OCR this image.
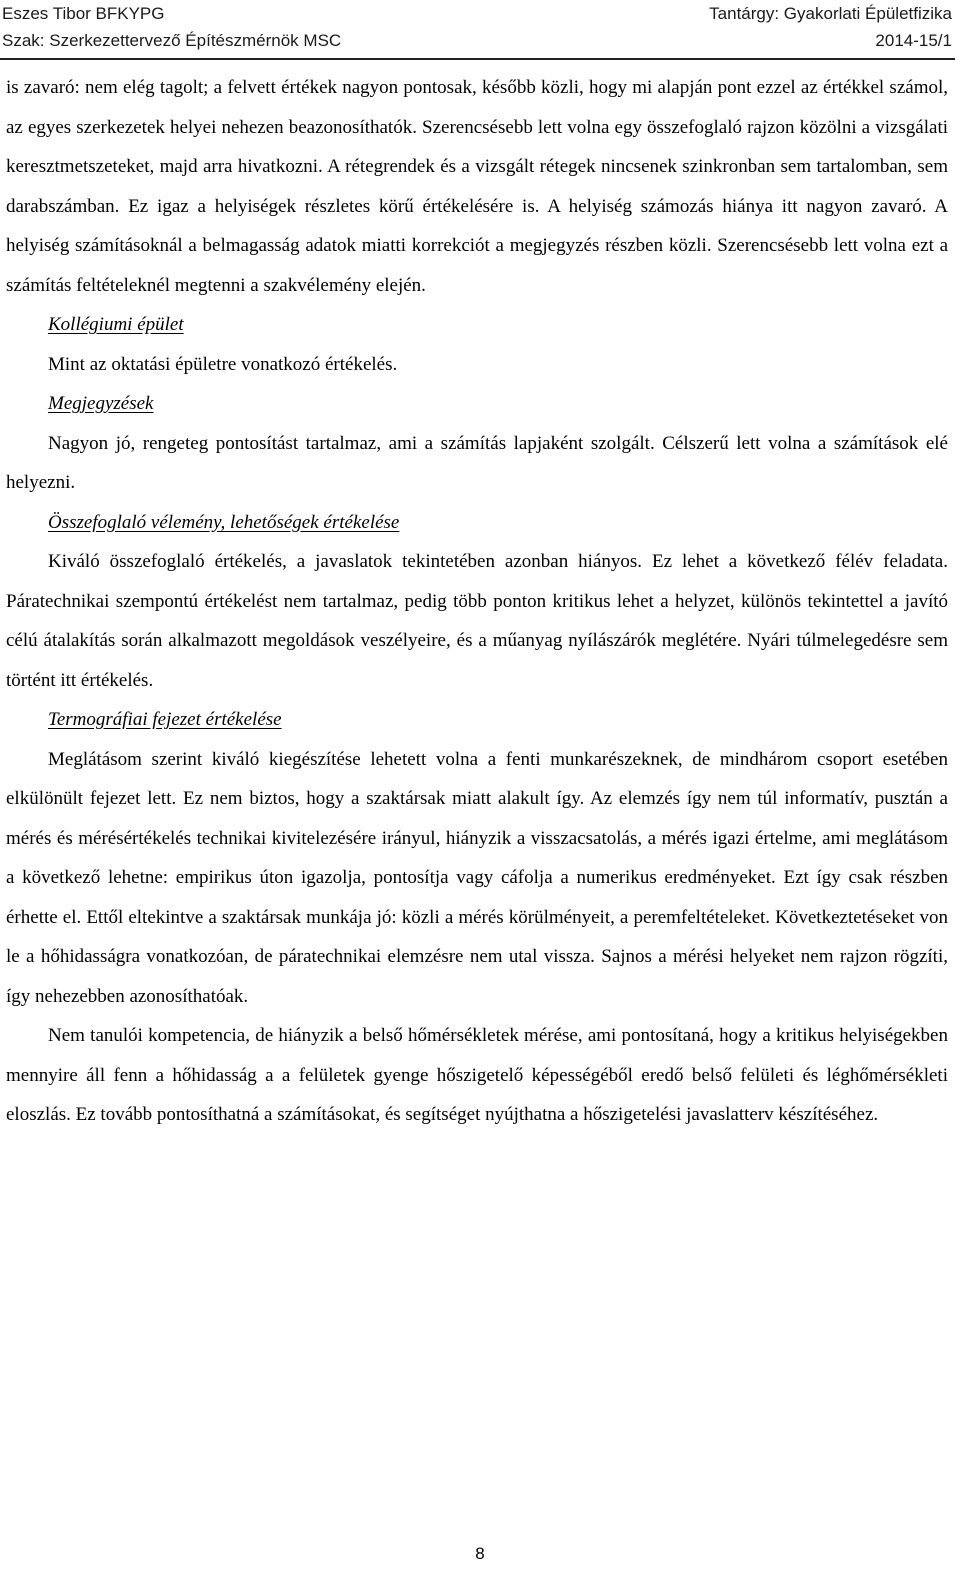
Eszes Tibor BFKYPG	Tantárgy: Gyakorlati Épületfizika
Szak: Szerkezettervező Építészmérnök MSC	2014-15/1

is zavaró: nem elég tagolt; a felvett értékek nagyon pontosak, később közli, hogy mi alapján pont ezzel az értékkel számol, az egyes szerkezetek helyei nehezen beazonosíthatók. Szerencsésebb lett volna egy összefoglaló rajzon közölni a vizsgálati keresztmetszeteket, majd arra hivatkozni. A rétegrendek és a vizsgált rétegek nincsenek szinkronban sem tartalomban, sem darabszámban. Ez igaz a helyiségek részletes körű értékelésére is. A helyiség számozás hiánya itt nagyon zavaró. A helyiség számításoknál a belmagasság adatok miatti korrekciót a megjegyzés részben közli. Szerencsésebb lett volna ezt a számítás feltételeknél megtenni a szakvélemény elején.

Kollégiumi épület

Mint az oktatási épületre vonatkozó értékelés.

Megjegyzések

Nagyon jó, rengeteg pontosítást tartalmaz, ami a számítás lapjaként szolgált. Célszerű lett volna a számítások elé helyezni.

Összefoglaló vélemény, lehetőségek értékelése

Kiváló összefoglaló értékelés, a javaslatok tekintetében azonban hiányos. Ez lehet a következő félév feladata. Páratechnikai szempontú értékelést nem tartalmaz, pedig több ponton kritikus lehet a helyzet, különös tekintettel a javító célú átalakítás során alkalmazott megoldások veszélyeire, és a műanyag nyílászárók meglétére. Nyári túlmelegedésre sem történt itt értékelés.

Termográfiai fejezet értékelése

Meglátásom szerint kiváló kiegészítése lehetett volna a fenti munkarészeknek, de mindhárom csoport esetében elkülönült fejezet lett. Ez nem biztos, hogy a szaktársak miatt alakult így. Az elemzés így nem túl informatív, pusztán a mérés és mérésértékelés technikai kivitelezésére irányul, hiányzik a visszacsatolás, a mérés igazi értelme, ami meglátásom a következő lehetne: empirikus úton igazolja, pontosítja vagy cáfolja a numerikus eredményeket. Ezt így csak részben érhette el. Ettől eltekintve a szaktársak munkája jó: közli a mérés körülményeit, a peremfeltételeket. Következtetéseket von le a hőhidasságra vonatkozóan, de páratechnikai elemzésre nem utal vissza. Sajnos a mérési helyeket nem rajzon rögzíti, így nehezebben azonosíthatóak.

Nem tanulói kompetencia, de hiányzik a belső hőmérsékletek mérése, ami pontosítaná, hogy a kritikus helyiségekben mennyire áll fenn a hőhidasság a a felületek gyenge hőszigetelő képességéből eredő belső felületi és léghőmérsékleti eloszlás. Ez tovább pontosíthatná a számításokat, és segítséget nyújthatna a hőszigetelési javaslatterv készítéséhez.

8
